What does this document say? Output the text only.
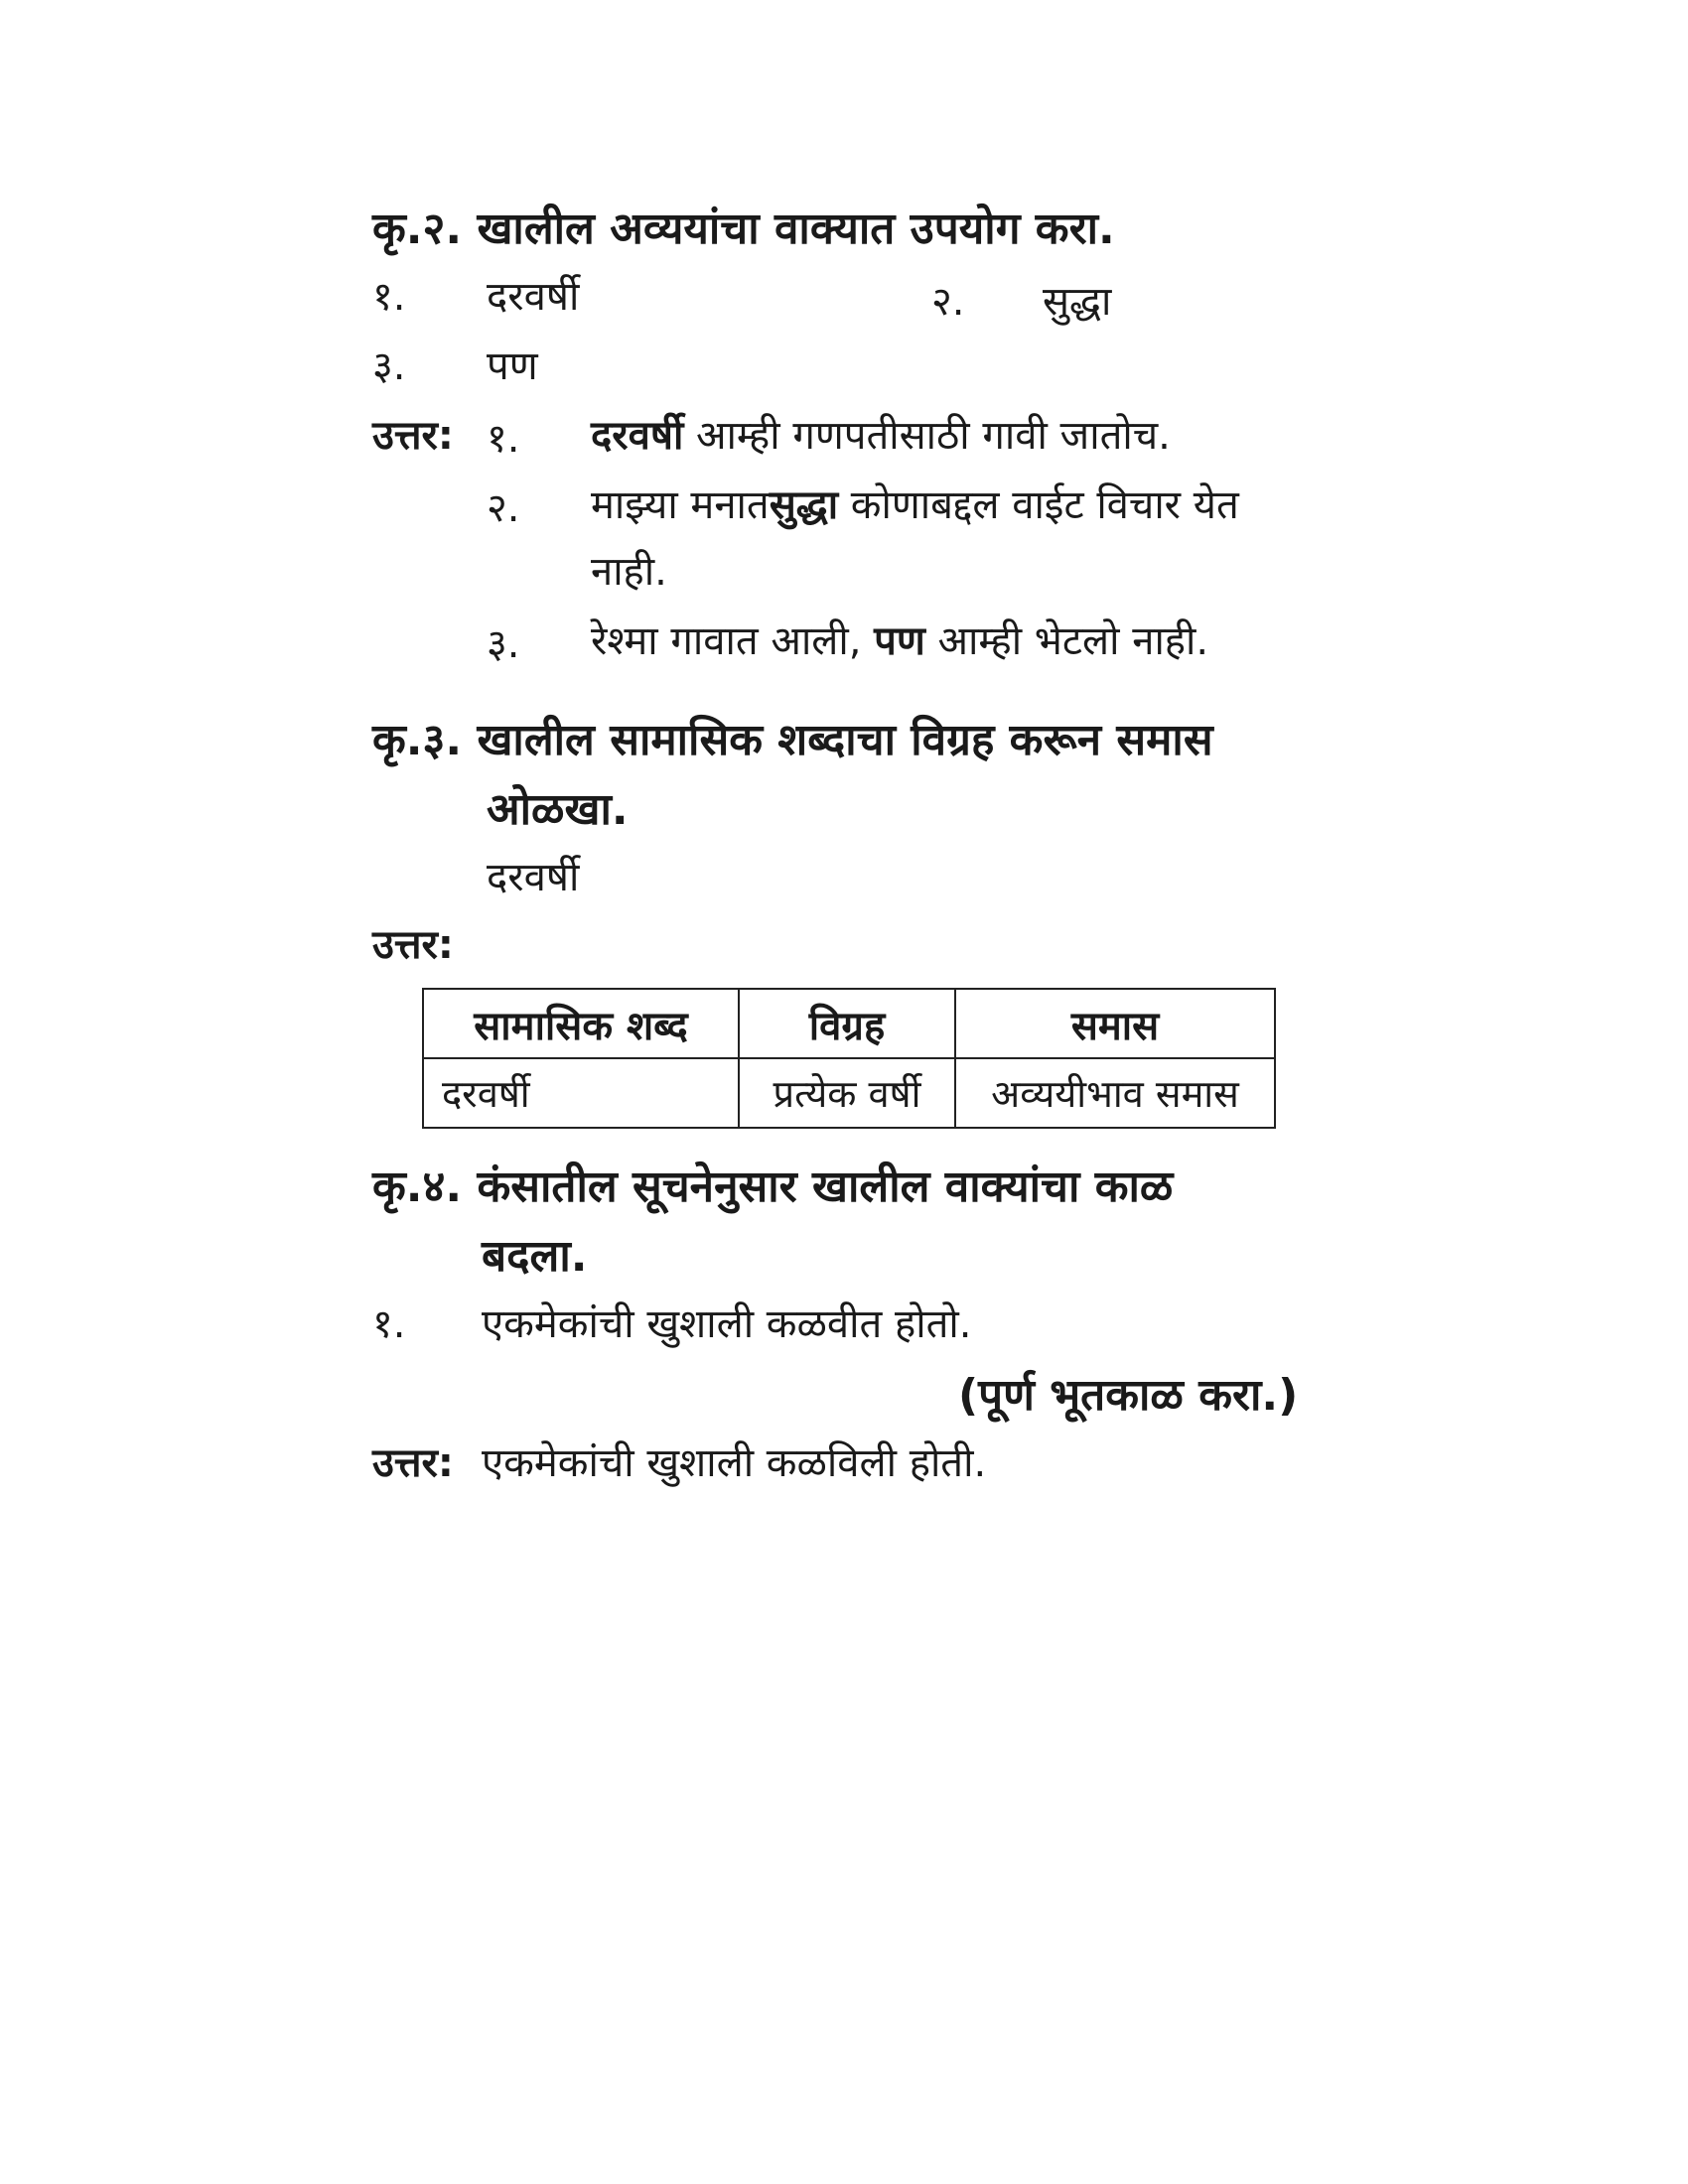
कृ.२. खालील अव्ययांचा वाक्यात उपयोग करा.
१. दरवर्षी	२. सुद्धा
३. पण
उत्तर: १. दरवर्षी आम्ही गणपतीसाठी गावी जातोच.
२. माझ्या मनातसुद्धा कोणाबद्दल वाईट विचार येत
नाही.
३. रेश्मा गावात आली, पण आम्ही भेटलो नाही.
कृ.३. खालील सामासिक शब्दाचा विग्रह करून समास
ओळखा.
दरवर्षी
उत्तर:
सामासिक शब्द	विग्रह	समास
दरवर्षी	प्रत्येक वर्षी	अव्ययीभाव समास
कृ.४. कंसातील सूचनेनुसार खालील वाक्यांचा काळ
बदला.
१. एकमेकांची खुशाली कळवीत होतो.
(पूर्ण भूतकाळ करा.)
उत्तर: एकमेकांची खुशाली कळविली होती.
